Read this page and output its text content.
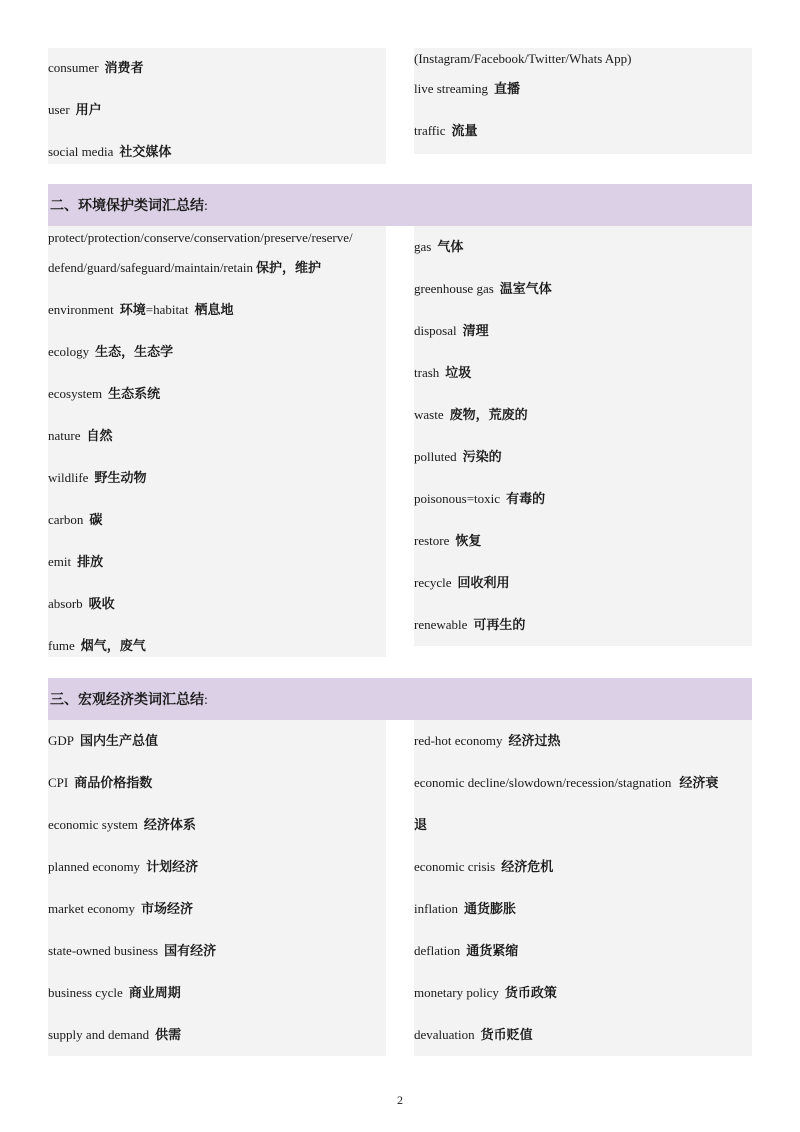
consumer 消费者
user 用户
social media 社交媒体
(Instagram/Facebook/Twitter/Whats App)
live streaming 直播
traffic 流量
二、环境保护类词汇总结:
protect/protection/conserve/conservation/preserve/reserve/
defend/guard/safeguard/maintain/retain 保护，维护
environment 环境=habitat 栖息地
ecology 生态，生态学
ecosystem 生态系统
nature 自然
wildlife 野生动物
carbon 碳
emit 排放
absorb 吸收
fume 烟气，废气
gas 气体
greenhouse gas 温室气体
disposal 清理
trash 垃圾
waste 废物，荒废的
polluted 污染的
poisonous=toxic 有毒的
restore 恢复
recycle 回收利用
renewable 可再生的
三、宏观经济类词汇总结:
GDP 国内生产总值
CPI 商品价格指数
economic system 经济体系
planned economy 计划经济
market economy 市场经济
state-owned business 国有经济
business cycle 商业周期
supply and demand 供需
red-hot economy 经济过热
economic decline/slowdown/recession/stagnation 经济衰
退
economic crisis 经济危机
inflation 通货膨胀
deflation 通货紧缩
monetary policy 货币政策
devaluation 货币贬值
2
